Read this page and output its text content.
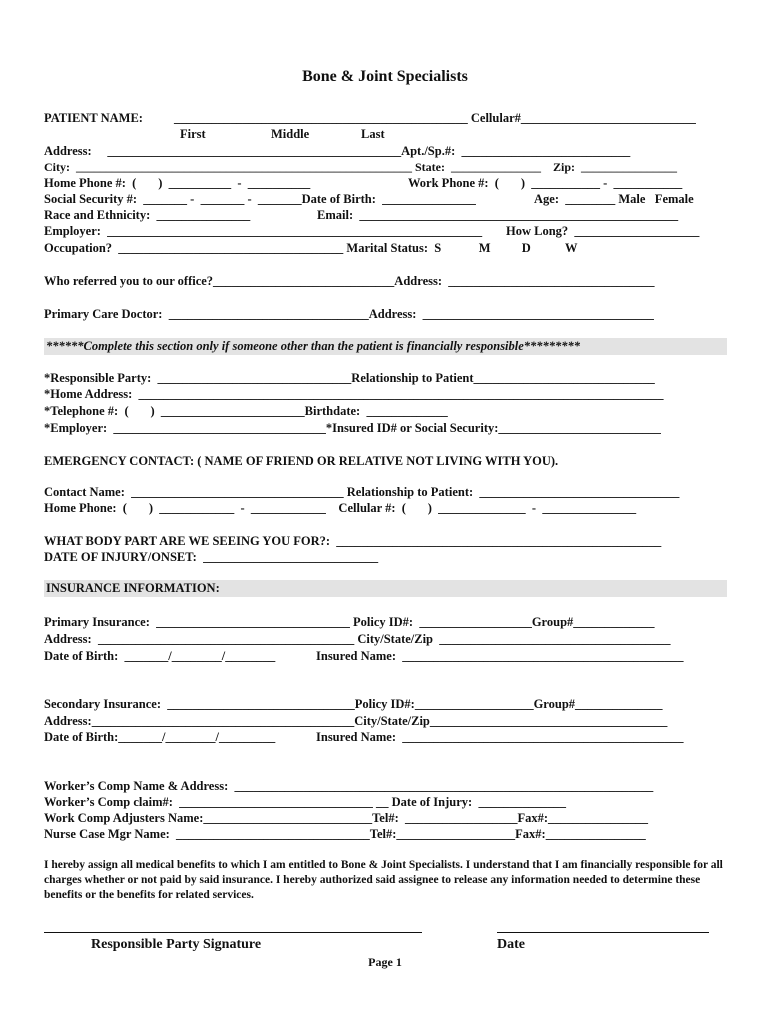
Bone & Joint Specialists
PATIENT NAME: _______________________________________________ Cellular#____________________________
First	Middle	Last
Address:     _______________________________________________Apt./Sp.#:  ___________________________
City:  ________________________________________________________ State:  _______________    Zip:  ________________
Home Phone #:  (       )  __________  -  __________	Work Phone #:  (       )  ___________ -  ___________
Social Security #:  _______ -  _______ -  _______Date of Birth:  _______________	Age:  ________ Male   Female
Race and Ethnicity:  _______________	Email:  ___________________________________________________
Employer:  ____________________________________________________________ How Long?  ____________________
Occupation?  ____________________________________ Marital Status:  S            M          D           W
Who referred you to our office?_____________________________Address:  _________________________________
Primary Care Doctor:  ________________________________Address:  _____________________________________
******Complete this section only if someone other than the patient is financially responsible*********
*Responsible Party:  _______________________________Relationship to Patient_____________________________
*Home Address:  ____________________________________________________________________________________
*Telephone #:  (       )  _______________________Birthdate:  _____________
*Employer:  __________________________________*Insured ID# or Social Security:__________________________
EMERGENCY CONTACT: ( NAME OF FRIEND OR RELATIVE NOT LIVING WITH YOU).
Contact Name:  __________________________________ Relationship to Patient:  ________________________________
Home Phone:  (       )  ____________  -  ____________    Cellular #:  (       )  ______________  -  _______________
WHAT BODY PART ARE WE SEEING YOU FOR?:  ____________________________________________________
DATE OF INJURY/ONSET:  ____________________________
INSURANCE INFORMATION:
Primary Insurance:  _______________________________ Policy ID#:  __________________Group#_____________
Address:  _________________________________________ City/State/Zip  _____________________________________
Date of Birth:  _______/________/________	Insured Name:  _____________________________________________
Secondary Insurance:  ______________________________Policy ID#:___________________Group#______________
Address:__________________________________________City/State/Zip______________________________________
Date of Birth:_______/________/_________	Insured Name:  _____________________________________________
Worker’s Comp Name & Address:  ___________________________________________________________________
Worker’s Comp claim#:  _______________________________ __ Date of Injury:  ______________
Work Comp Adjusters Name:___________________________Tel#:  __________________Fax#:________________
Nurse Case Mgr Name:  _______________________________Tel#:___________________Fax#:________________
I hereby assign all medical benefits to which I am entitled to Bone & Joint Specialists. I understand that I am financially responsible for all charges whether or not paid by said insurance. I hereby authorized said assignee to release any information needed to determine these benefits or the benefits for related services.
Responsible Party Signature	Date
Page 1
